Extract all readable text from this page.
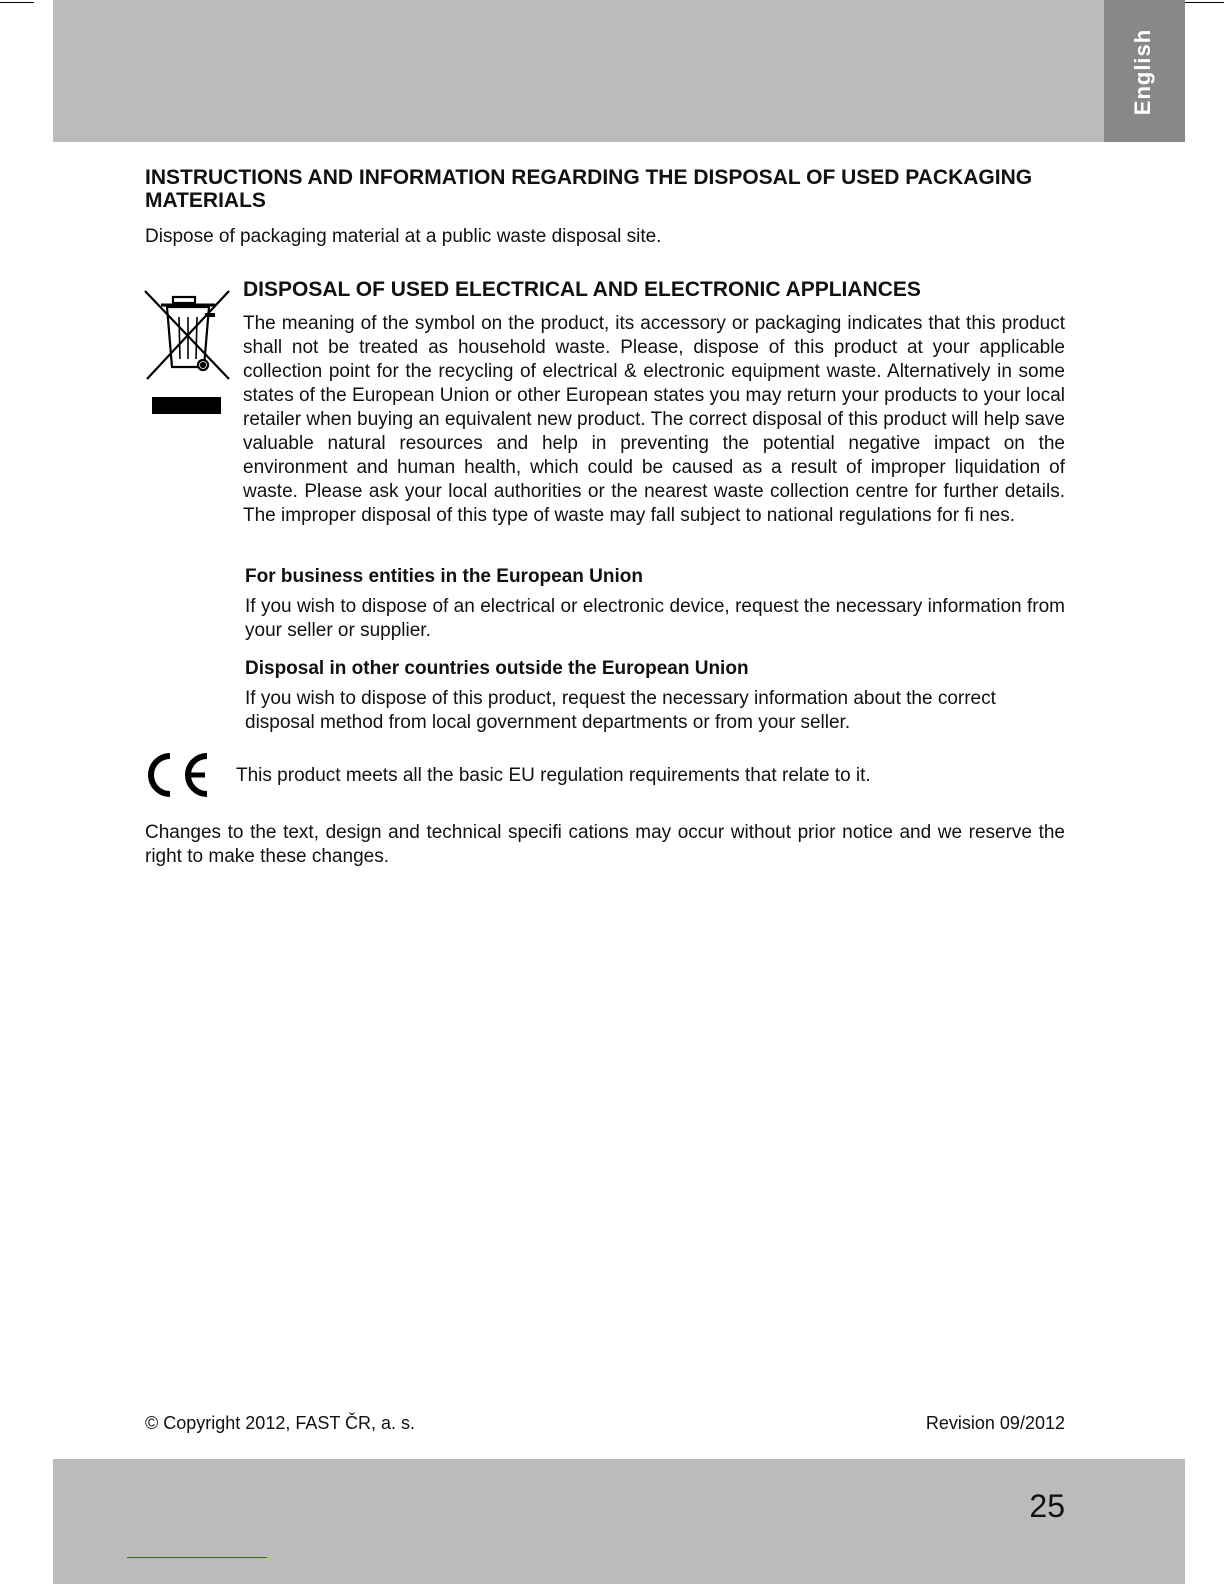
English
INSTRUCTIONS AND INFORMATION REGARDING THE DISPOSAL OF USED PACKAGING MATERIALS

Dispose of packaging material at a public waste disposal site.

DISPOSAL OF USED ELECTRICAL AND ELECTRONIC APPLIANCES

The meaning of the symbol on the product, its accessory or packaging indicates that this product shall not be treated as household waste. Please, dispose of this product at your applicable collection point for the recycling of electrical & electronic equipment waste. Alternatively in some states of the European Union or other European states you may return your products to your local retailer when buying an equivalent new product. The correct disposal of this product will help save valuable natural resources and help in preventing the potential negative impact on the environment and human health, which could be caused as a result of improper liquidation of waste. Please ask your local authorities or the nearest waste collection centre for further details. The improper disposal of this type of waste may fall subject to national regulations for fi nes.

For business entities in the European Union

If you wish to dispose of an electrical or electronic device, request the necessary information from your seller or supplier.

Disposal in other countries outside the European Union

If you wish to dispose of this product, request the necessary information about the correct disposal method from local government departments or from your seller.

This product meets all the basic EU regulation requirements that relate to it.

Changes to the text, design and technical specifi cations may occur without prior notice and we reserve the right to make these changes.

© Copyright 2012, FAST ČR, a. s.	Revision 09/2012
25
